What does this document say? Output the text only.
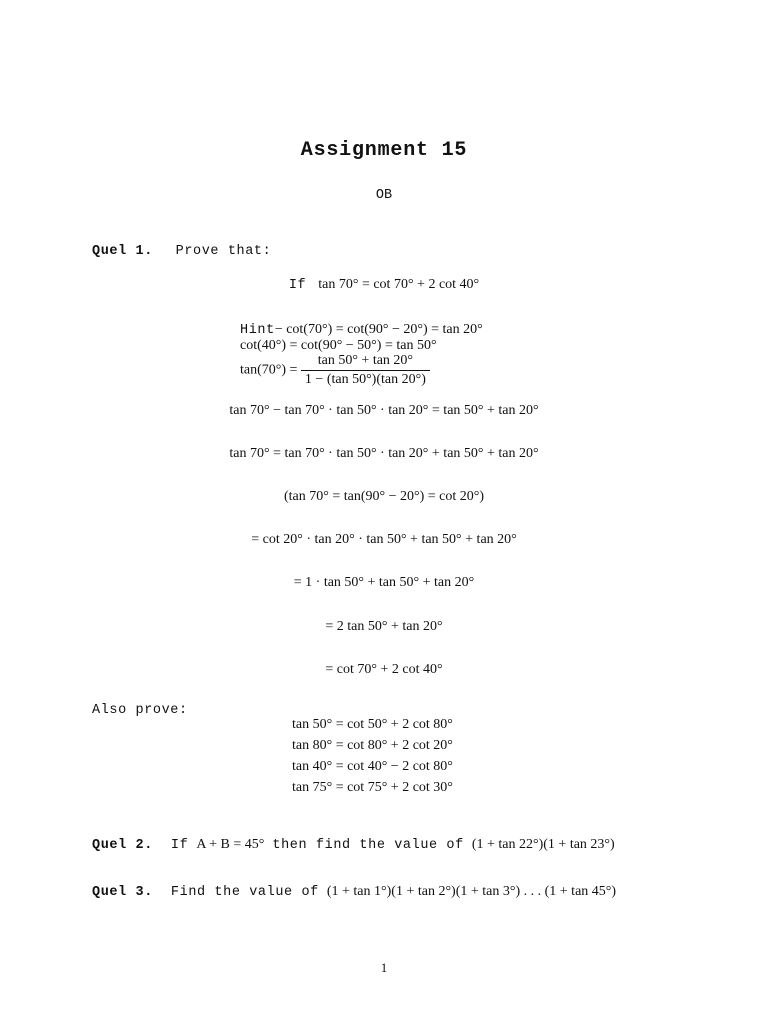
Assignment 15
OB
Quel 1. Prove that:
If tan 70° = cot 70° + 2 cot 40°
Hint− cot(70°) = cot(90° − 20°) = tan 20°
cot(40°) = cot(90° − 50°) = tan 50°
$\tan(70^\circ) = \frac{\tan 50^\circ + \tan 20^\circ}{1 - (\tan 50^\circ)(\tan 20^\circ)}$
tan 70° − tan 70° · tan 50° · tan 20° = tan 50° + tan 20°
tan 70° = tan 70° · tan 50° · tan 20° + tan 50° + tan 20°
(tan 70° = tan(90° − 20°) = cot 20°)
= cot 20° · tan 20° · tan 50° + tan 50° + tan 20°
= 1 · tan 50° + tan 50° + tan 20°
= 2 tan 50° + tan 20°
= cot 70° + 2 cot 40°
Also prove:
tan 50° = cot 50° + 2 cot 80°
tan 80° = cot 80° + 2 cot 20°
tan 40° = cot 40° − 2 cot 80°
tan 75° = cot 75° + 2 cot 30°
Quel 2. If A + B = 45° then find the value of (1 + tan 22°)(1 + tan 23°)
Quel 3. Find the value of (1 + tan 1°)(1 + tan 2°)(1 + tan 3°) . . . (1 + tan 45°)
1
